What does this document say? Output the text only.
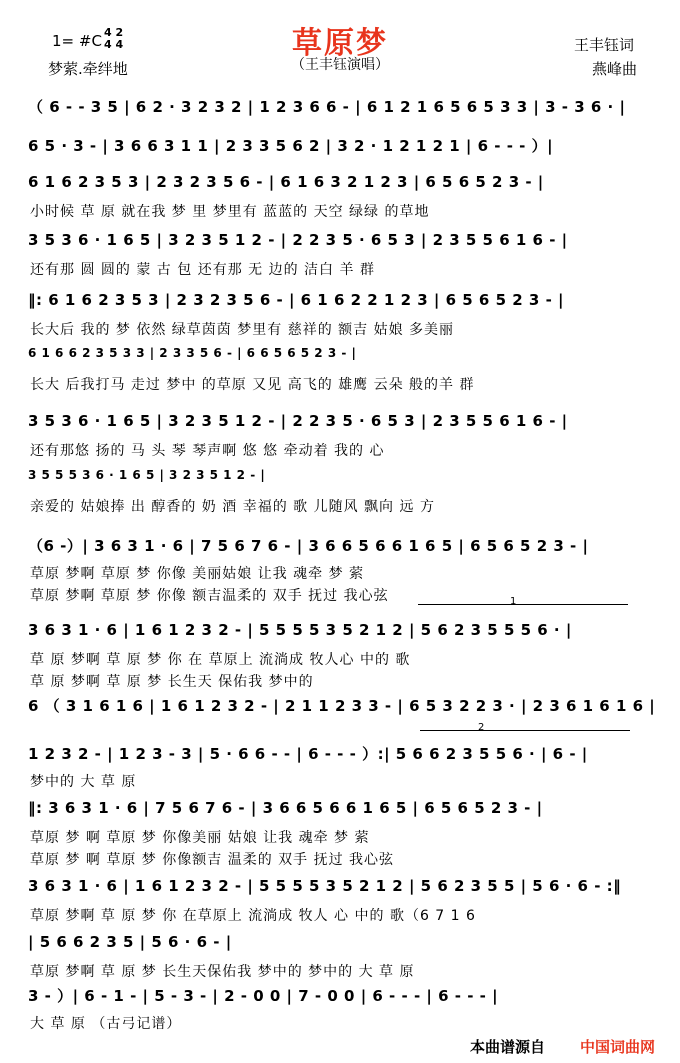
草原梦
（王丰钰演唱）
1= #C 4 2
4 4
梦萦.牵绊地
王丰钰词
燕峰曲
（ 6 - - 3 5 | 6 2 · 3 2 3 2 | 1 2 3 6 6 - | 6 1 2 1 6 5 6 5 3 3 | 3 - 3 6 · |
6 5 · 3 - | 3 6 6 3 1 1 | 2 3 3 5 6 2 | 3 2 · 1 2 1 2 1 | 6 - - - ）|
6 1 6 2 3 5 3 | 2 3 2 3 5 6 - | 6 1 6 3 2 1 2 3 | 6 5 6 5 2 3 - |
小时候 草 原 就在我 梦 里 梦里有 蓝蓝的 天空 绿绿 的草地
3 5 3 6 · 1 6 5 | 3 2 3 5 1 2 - | 2 2 3 5 · 6 5 3 | 2 3 5 5 6 1 6 - |
还有那 圆 圆的 蒙 古 包 还有那 无 边的 洁白 羊 群
‖: 6 1 6 2 3 5 3 | 2 3 2 3 5 6 - | 6 1 6 2 2 1 2 3 | 6 5 6 5 2 3 - |
长大后 我的 梦 依然 绿草茵茵 梦里有 慈祥的 额吉 姑娘 多美丽
6 1 6 6 2 3 5 3 3 | 2 3 3 5 6 - | 6 6 5 6 5 2 3 - |
长大 后我打马 走过 梦中 的草原 又见 高飞的 雄鹰 云朵 般的羊 群
3 5 3 6 · 1 6 5 | 3 2 3 5 1 2 - | 2 2 3 5 · 6 5 3 | 2 3 5 5 6 1 6 - |
还有那悠 扬的 马 头 琴 琴声啊 悠 悠 牵动着 我的 心
3 5 5 5 3 6 · 1 6 5 | 3 2 3 5 1 2 - |
亲爱的 姑娘捧 出 醇香的 奶 酒 幸福的 歌 儿随风 飘向 远 方
（6 -）| 3 6 3 1 · 6 | 7 5 6 7 6 - | 3 6 6 5 6 6 1 6 5 | 6 5 6 5 2 3 - |
草原 梦啊 草原 梦 你像 美丽姑娘 让我 魂牵 梦 萦
草原 梦啊 草原 梦 你像 额吉温柔的 双手 抚过 我心弦
3 6 3 1 · 6 | 1 6 1 2 3 2 - | 5 5 5 5 3 5 2 1 2 | 5 6 2 3 5 5 5 6 · |
草 原 梦啊 草 原 梦 你 在 草原上 流淌成 牧人心 中的 歌
草 原 梦啊 草 原 梦 长生天 保佑我 梦中的
6 （ 3 1 6 1 6 | 1 6 1 2 3 2 - | 2 1 1 2 3 3 - | 6 5 3 2 2 3 · | 2 3 6 1 6 1 6 |
1 2 3 2 - | 1 2 3 - 3 | 5 · 6 6 - - | 6 - - - ）:| 5 6 6 2 3 5 5 6 · | 6 - |
梦中的 大 草 原
‖: 3 6 3 1 · 6 | 7 5 6 7 6 - | 3 6 6 5 6 6 1 6 5 | 6 5 6 5 2 3 - |
草原 梦 啊 草原 梦 你像美丽 姑娘 让我 魂牵 梦 萦
草原 梦 啊 草原 梦 你像额吉 温柔的 双手 抚过 我心弦
3 6 3 1 · 6 | 1 6 1 2 3 2 - | 5 5 5 5 3 5 2 1 2 | 5 6 2 3 5 5 | 5 6 · 6 - :‖
草原 梦啊 草 原 梦 你 在草原上 流淌成 牧人 心 中的 歌（6 7 1 6
| 5 6 6 2 3 5 | 5 6 · 6 - |
草原 梦啊 草 原 梦 长生天保佑我 梦中的 梦中的 大 草 原
3 - ）| 6 - 1 - | 5 - 3 - | 2 - 0 0 | 7 - 0 0 | 6 - - - | 6 - - - |
大 草 原 （古弓记谱）
1
2
本曲谱源自 中国词曲网
